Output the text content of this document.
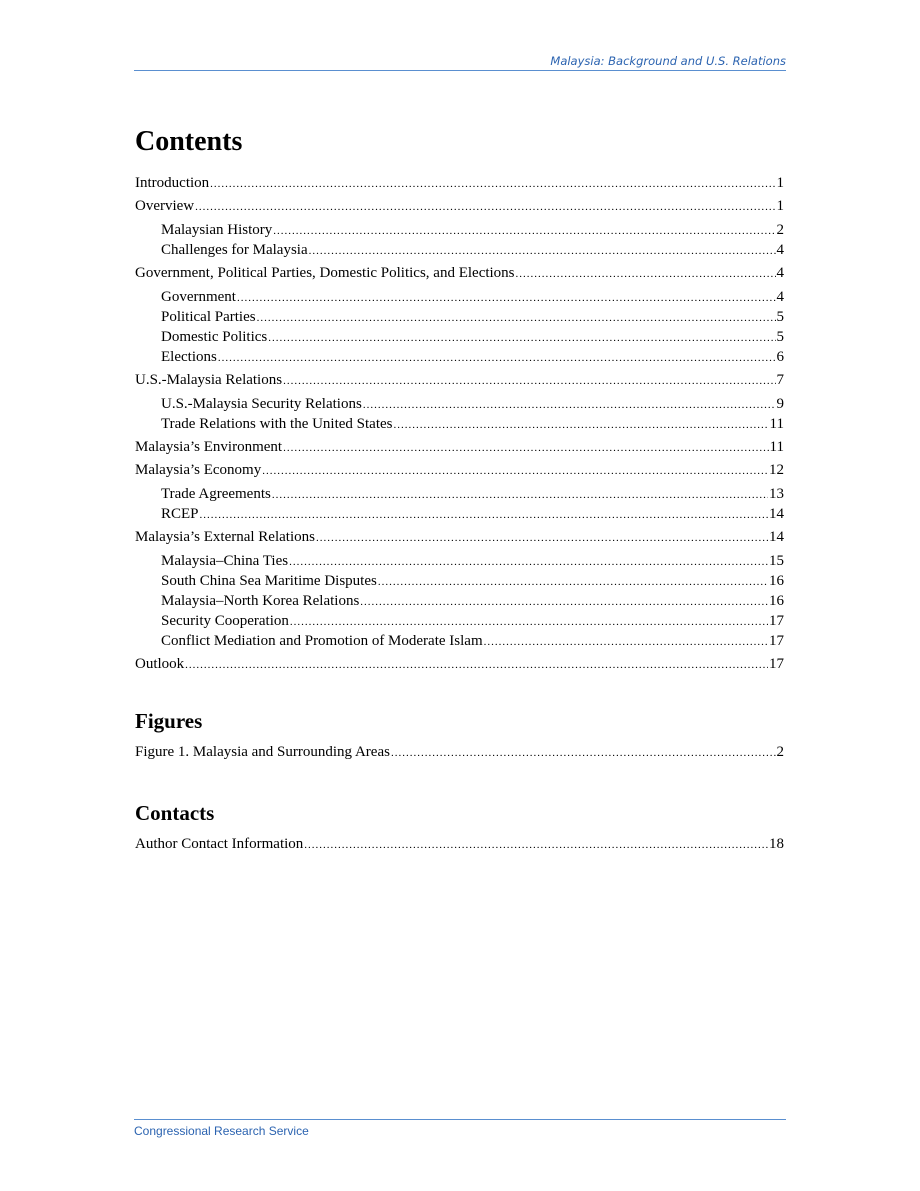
Malaysia: Background and U.S. Relations
Contents
Introduction .....	1
Overview .....	1
Malaysian History .....	2
Challenges for Malaysia .....	4
Government, Political Parties, Domestic Politics, and Elections .....	4
Government .....	4
Political Parties .....	5
Domestic Politics .....	5
Elections .....	6
U.S.-Malaysia Relations .....	7
U.S.-Malaysia Security Relations .....	9
Trade Relations with the United States .....	11
Malaysia’s Environment .....	11
Malaysia’s Economy .....	12
Trade Agreements .....	13
RCEP .....	14
Malaysia’s External Relations .....	14
Malaysia–China Ties .....	15
South China Sea Maritime Disputes .....	16
Malaysia–North Korea Relations .....	16
Security Cooperation .....	17
Conflict Mediation and Promotion of Moderate Islam .....	17
Outlook .....	17
Figures
Figure 1. Malaysia and Surrounding Areas .....	2
Contacts
Author Contact Information .....	18
Congressional Research Service
